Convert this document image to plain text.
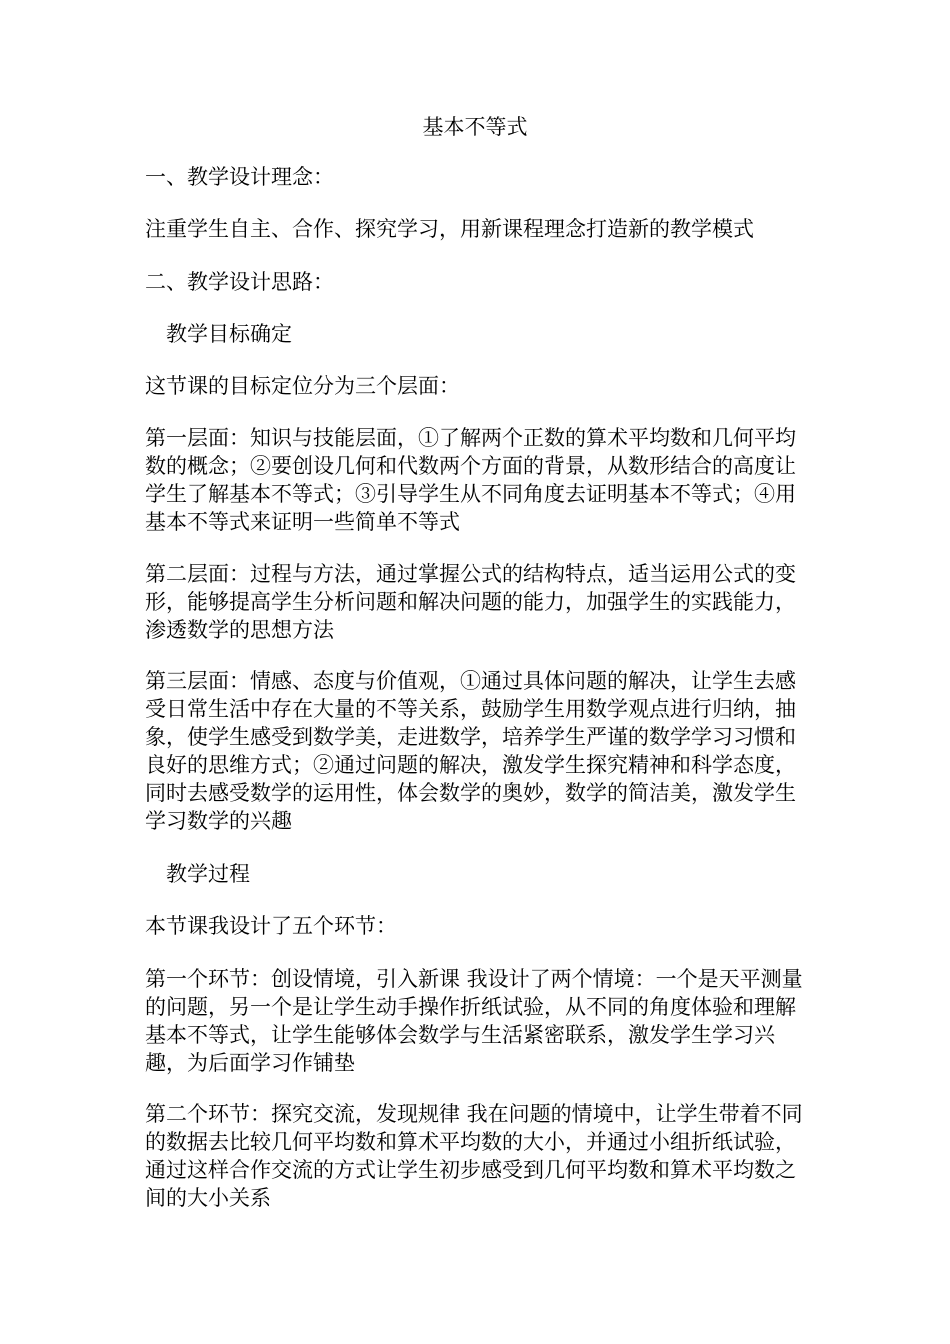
基本不等式

一、教学设计理念：

注重学生自主、合作、探究学习，用新课程理念打造新的教学模式

二、教学设计思路：

教学目标确定

这节课的目标定位分为三个层面：

第一层面：知识与技能层面，①了解两个正数的算术平均数和几何平均数的概念；②要创设几何和代数两个方面的背景，从数形结合的高度让学生了解基本不等式；③引导学生从不同角度去证明基本不等式；④用基本不等式来证明一些简单不等式

第二层面：过程与方法，通过掌握公式的结构特点，适当运用公式的变形，能够提高学生分析问题和解决问题的能力，加强学生的实践能力，渗透数学的思想方法

第三层面：情感、态度与价值观，①通过具体问题的解决，让学生去感受日常生活中存在大量的不等关系，鼓励学生用数学观点进行归纳，抽象，使学生感受到数学美，走进数学，培养学生严谨的数学学习习惯和良好的思维方式；②通过问题的解决，激发学生探究精神和科学态度，同时去感受数学的运用性，体会数学的奥妙，数学的简洁美，激发学生学习数学的兴趣

教学过程

本节课我设计了五个环节：

第一个环节：创设情境，引入新课 我设计了两个情境：一个是天平测量的问题，另一个是让学生动手操作折纸试验，从不同的角度体验和理解基本不等式，让学生能够体会数学与生活紧密联系，激发学生学习兴趣，为后面学习作铺垫

第二个环节：探究交流，发现规律 我在问题的情境中，让学生带着不同的数据去比较几何平均数和算术平均数的大小，并通过小组折纸试验，通过这样合作交流的方式让学生初步感受到几何平均数和算术平均数之间的大小关系
